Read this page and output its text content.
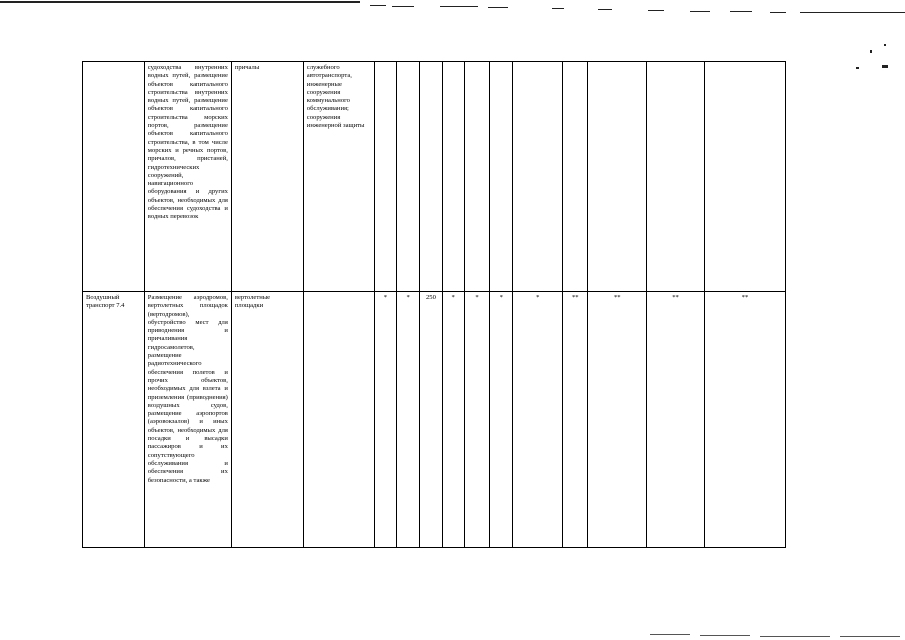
	судоходства внутренних водных путей, размещение объектов капитального строительства внутренних водных путей, размещение объектов капитального строительства морских портов, размещение объектов капитального строительства, в том числе морских и речных портов, причалов, пристаней, гидротехнических сооружений, навигационного оборудования и других объектов, необходимых для обеспечения судоходства и водных перевозок	причалы	служебного автотранспорта, инженерные сооружения коммунального обслуживания; сооружения инженерной защиты											
Воздушный транспорт 7.4	Размещение аэродромов, вертолетных площадок (вертодромов), обустройство мест для приводнения и причаливания гидросамолетов, размещение радиотехнического обеспечения полетов и прочих объектов, необходимых для взлета и приземления (приводнения) воздушных судов, размещение аэропортов (аэровокзалов) и иных объектов, необходимых для посадки и высадки пассажиров и их сопутствующего обслуживания и обеспечения их безопасности, а также	вертолетные площадки		*	*	250	*	*	*	*	**	**	**	**
